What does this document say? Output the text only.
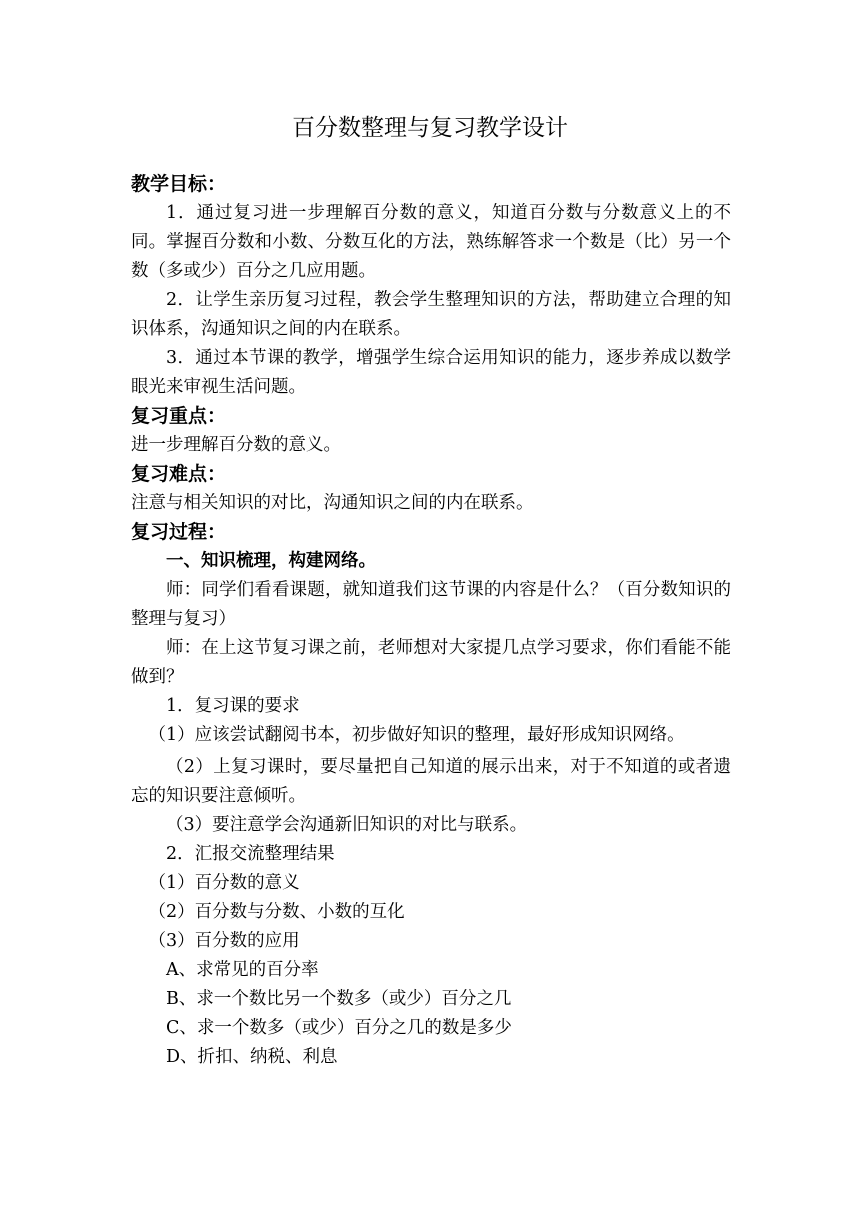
百分数整理与复习教学设计
教学目标：
1．通过复习进一步理解百分数的意义，知道百分数与分数意义上的不同。掌握百分数和小数、分数互化的方法，熟练解答求一个数是（比）另一个数（多或少）百分之几应用题。
2．让学生亲历复习过程，教会学生整理知识的方法，帮助建立合理的知识体系，沟通知识之间的内在联系。
3．通过本节课的教学，增强学生综合运用知识的能力，逐步养成以数学眼光来审视生活问题。
复习重点：
进一步理解百分数的意义。
复习难点：
注意与相关知识的对比，沟通知识之间的内在联系。
复习过程：
一、知识梳理，构建网络。
师：同学们看看课题，就知道我们这节课的内容是什么？（百分数知识的整理与复习）
师：在上这节复习课之前，老师想对大家提几点学习要求，你们看能不能做到？
1．复习课的要求
（1）应该尝试翻阅书本，初步做好知识的整理，最好形成知识网络。
（2）上复习课时，要尽量把自己知道的展示出来，对于不知道的或者遗忘的知识要注意倾听。
（3）要注意学会沟通新旧知识的对比与联系。
2．汇报交流整理结果
（1）百分数的意义
（2）百分数与分数、小数的互化
（3）百分数的应用
A、求常见的百分率
B、求一个数比另一个数多（或少）百分之几
C、求一个数多（或少）百分之几的数是多少
D、折扣、纳税、利息
